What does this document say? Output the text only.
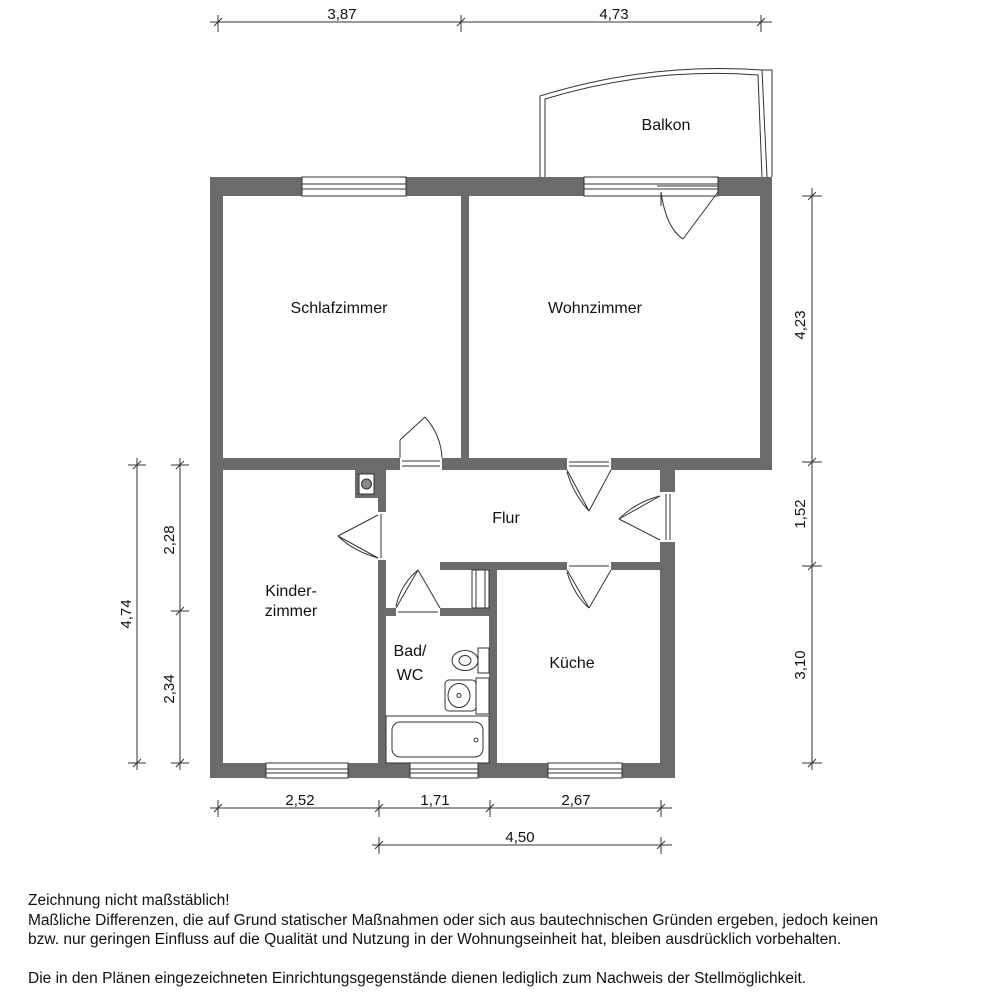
Balkon
Schlafzimmer	Wohnzimmer
Flur
Kinder-
zimmer
Bad/
WC
Küche
3,87	4,73
4,23
1,52
3,10
4,74
2,28
2,34
2,52	1,71	2,67
4,50

Zeichnung nicht maßstäblich!

Maßliche Differenzen, die auf Grund statischer Maßnahmen oder sich aus bautechnischen Gründen ergeben, jedoch keinen

bzw. nur geringen Einfluss auf die Qualität und Nutzung in der Wohnungseinheit hat, bleiben ausdrücklich vorbehalten.

Die in den Plänen eingezeichneten Einrichtungsgegenstände dienen lediglich zum Nachweis der Stellmöglichkeit.
